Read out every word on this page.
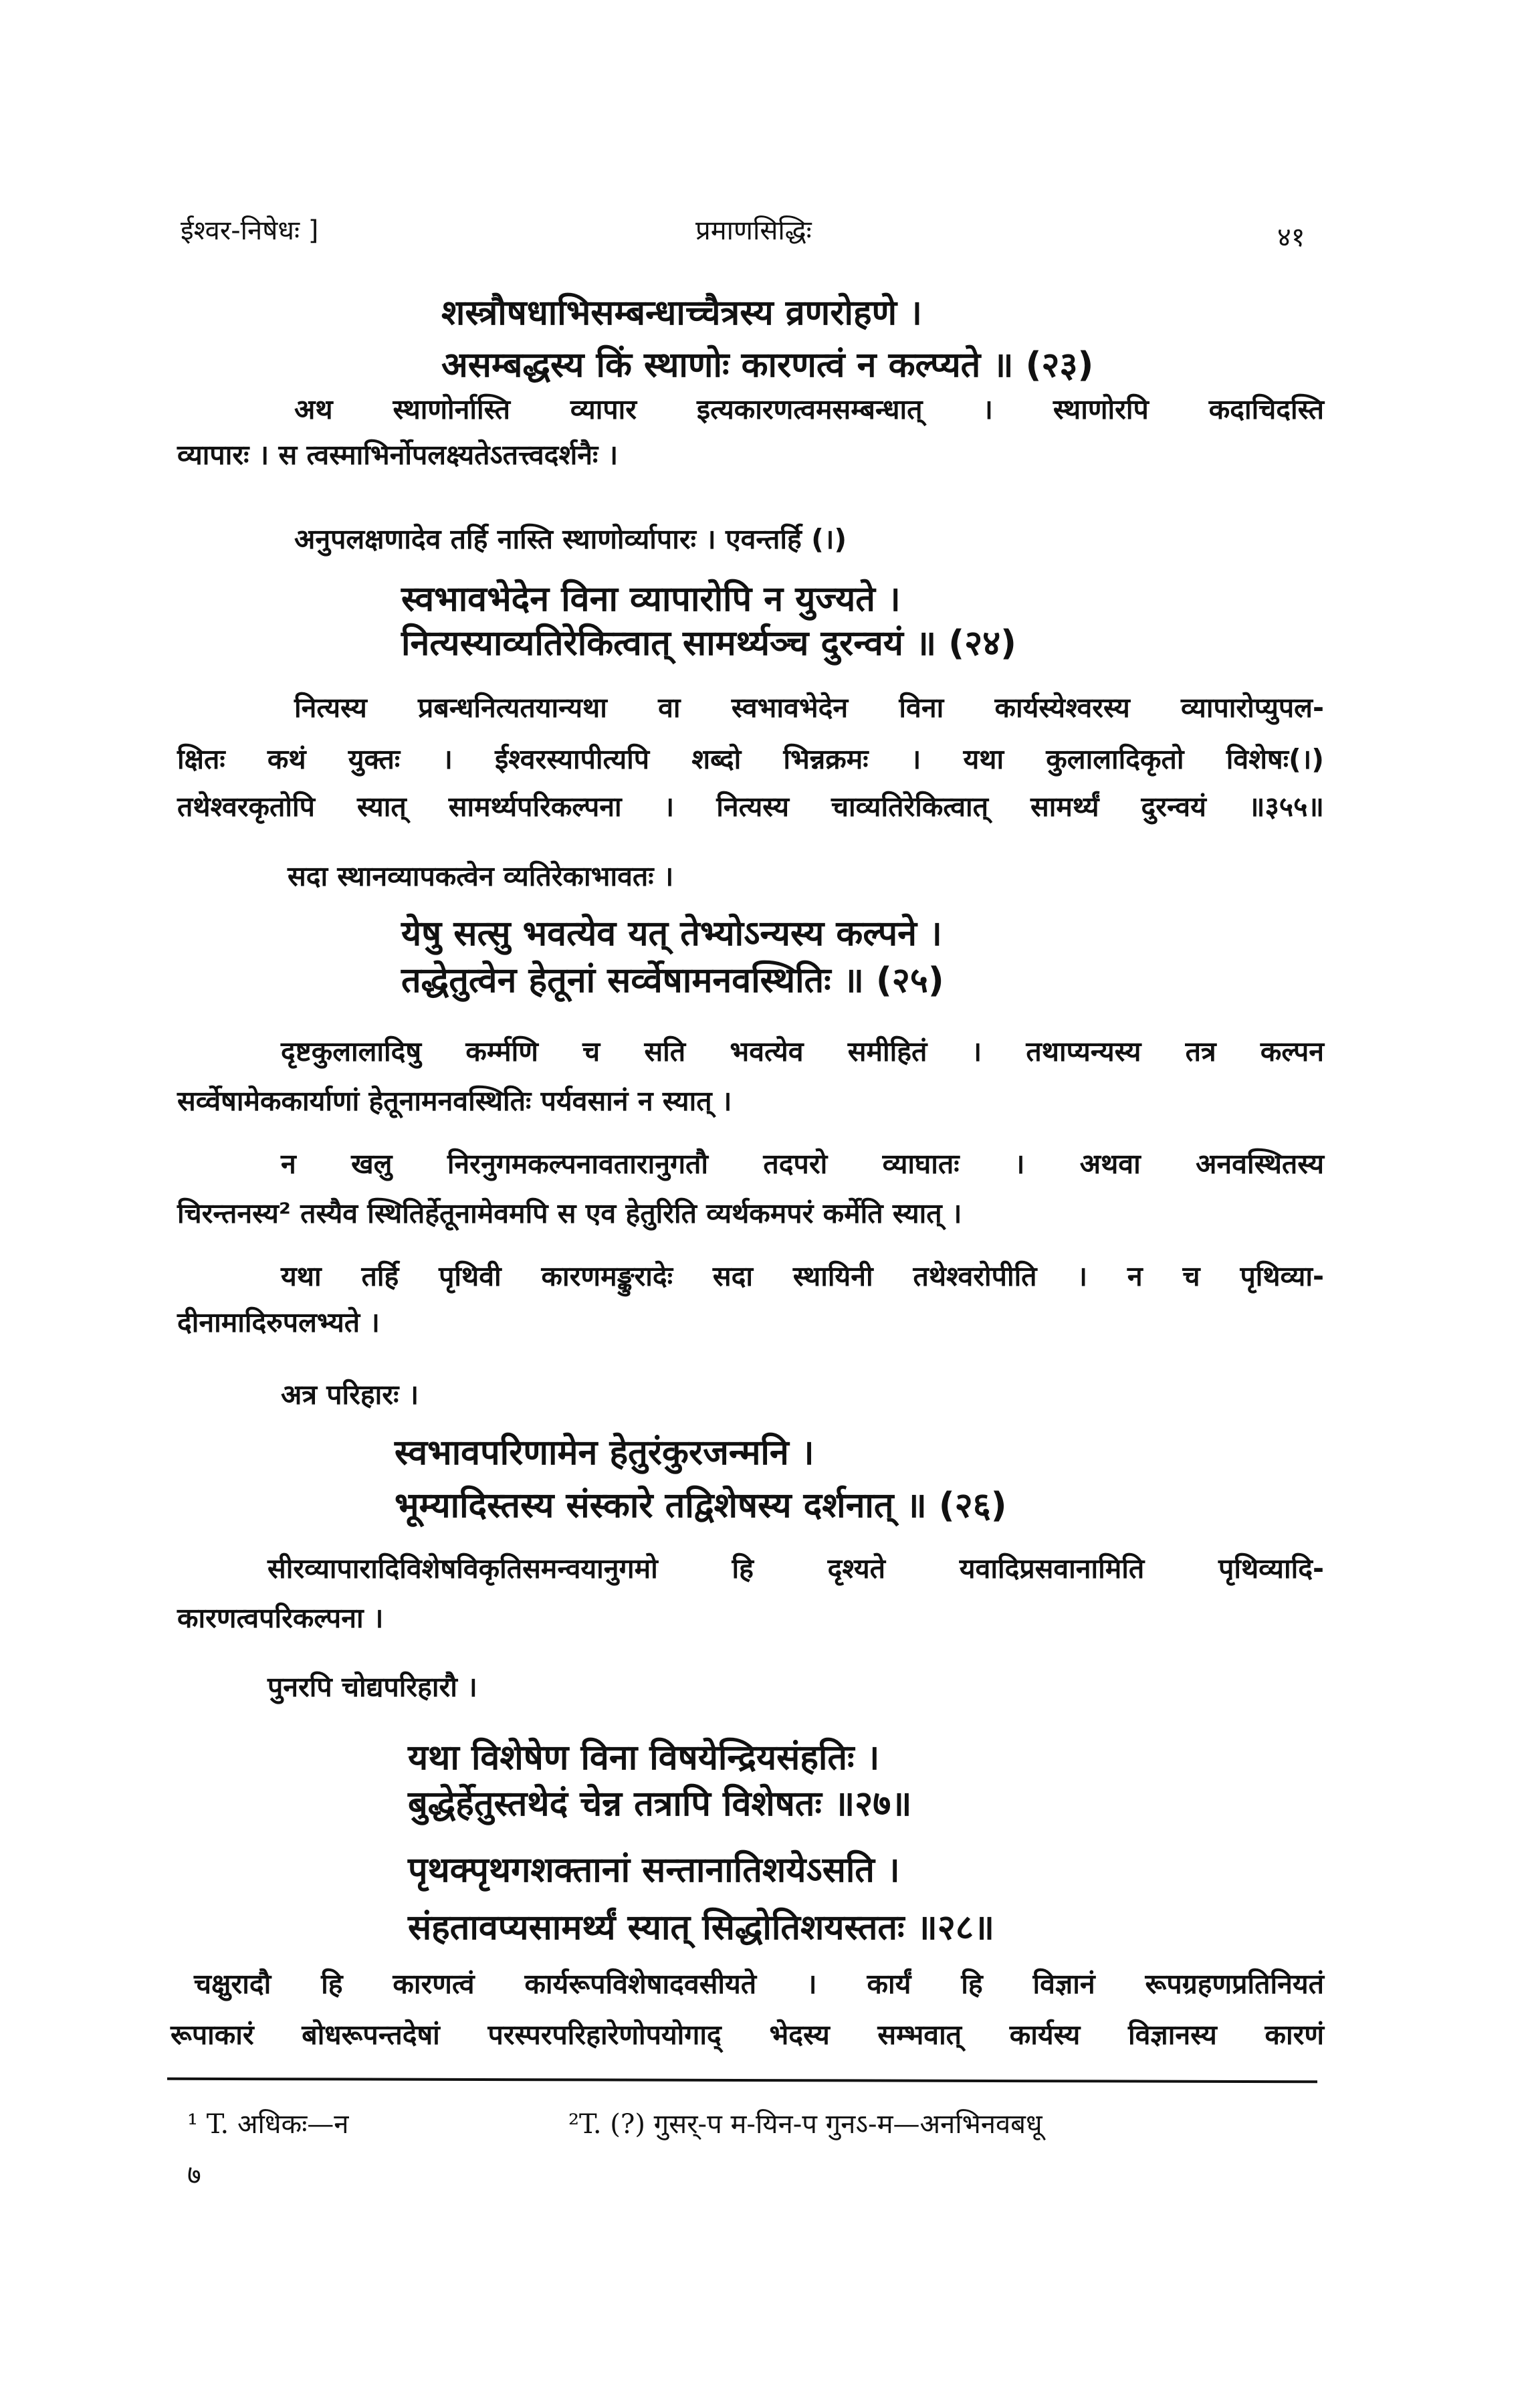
ईश्वर-निषेधः ]	प्रमाणसिद्धिः	४१
शस्त्रौषधाभिसम्बन्धाच्चैत्रस्य व्रणरोहणे ।
असम्बद्धस्य किं स्थाणोः कारणत्वं न कल्प्यते ॥ (२३)
अथ स्थाणोर्नास्ति व्यापार इत्यकारणत्वमसम्बन्धात् । स्थाणोरपि कदाचिदस्ति
व्यापारः । स त्वस्माभिर्नोपलक्ष्यतेऽतत्त्वदर्शनैः ।
अनुपलक्षणादेव तर्हि नास्ति स्थाणोर्व्यापारः । एवन्तर्हि (।)
स्वभावभेदेन विना व्यापारोपि न युज्यते ।
नित्यस्याव्यतिरेकित्वात् सामर्थ्यञ्च दुरन्वयं ॥ (२४)
नित्यस्य प्रबन्धनित्यतयान्यथा वा स्वभावभेदेन विना कार्यस्येश्वरस्य व्यापारोप्युपल-
क्षितः कथं युक्तः । ईश्वरस्यापीत्यपि शब्दो भिन्नक्रमः । यथा कुलालादिकृतो विशेषः(।)
तथेश्वरकृतोपि स्यात् सामर्थ्यपरिकल्पना । नित्यस्य चाव्यतिरेकित्वात् सामर्थ्यं दुरन्वयं ॥३५५॥
सदा स्थानव्यापकत्वेन व्यतिरेकाभावतः ।
येषु सत्सु भवत्येव यत् तेभ्योऽन्यस्य कल्पने ।
तद्धेतुत्वेन हेतूनां सर्व्वेषामनवस्थितिः ॥ (२५)
दृष्टकुलालादिषु कर्म्मणि च सति भवत्येव समीहितं । तथाप्यन्यस्य तत्र कल्पन
सर्व्वेषामेककार्याणां हेतूनामनवस्थितिः पर्यवसानं न स्यात् ।
न खलु निरनुगमकल्पनावतारानुगतौ तदपरो व्याघातः । अथवा अनवस्थितस्य
चिरन्तनस्य² तस्यैव स्थितिर्हेतूनामेवमपि स एव हेतुरिति व्यर्थकमपरं कर्मेति स्यात् ।
यथा तर्हि पृथिवी कारणमङ्कुरादेः सदा स्थायिनी तथेश्वरोपीति । न च पृथिव्या-
दीनामादिरुपलभ्यते ।
अत्र परिहारः ।
स्वभावपरिणामेन हेतुरंकुरजन्मनि ।
भूम्यादिस्तस्य संस्कारे तद्विशेषस्य दर्शनात् ॥ (२६)
सीरव्यापारादिविशेषविकृतिसमन्वयानुगमो हि दृश्यते यवादिप्रसवानामिति पृथिव्यादि-
कारणत्वपरिकल्पना ।
पुनरपि चोद्यपरिहारौ ।
यथा विशेषेण विना विषयेन्द्रियसंहतिः ।
बुद्धेर्हेतुस्तथेदं चेन्न तत्रापि विशेषतः ॥२७॥
पृथक्पृथगशक्तानां सन्तानातिशयेऽसति ।
संहतावप्यसामर्थ्यं स्यात् सिद्धोतिशयस्ततः ॥२८॥
चक्षुरादौ हि कारणत्वं कार्यरूपविशेषादवसीयते । कार्यं हि विज्ञानं रूपग्रहणप्रतिनियतं
रूपाकारं बोधरूपन्तदेषां परस्परपरिहारेणोपयोगाद् भेदस्य सम्भवात् कार्यस्य विज्ञानस्य कारणं
¹ T. अधिकः—न	²T. (?) गुसर्-प म-यिन-प गुनऽ-म—अनभिनवबधू
७
